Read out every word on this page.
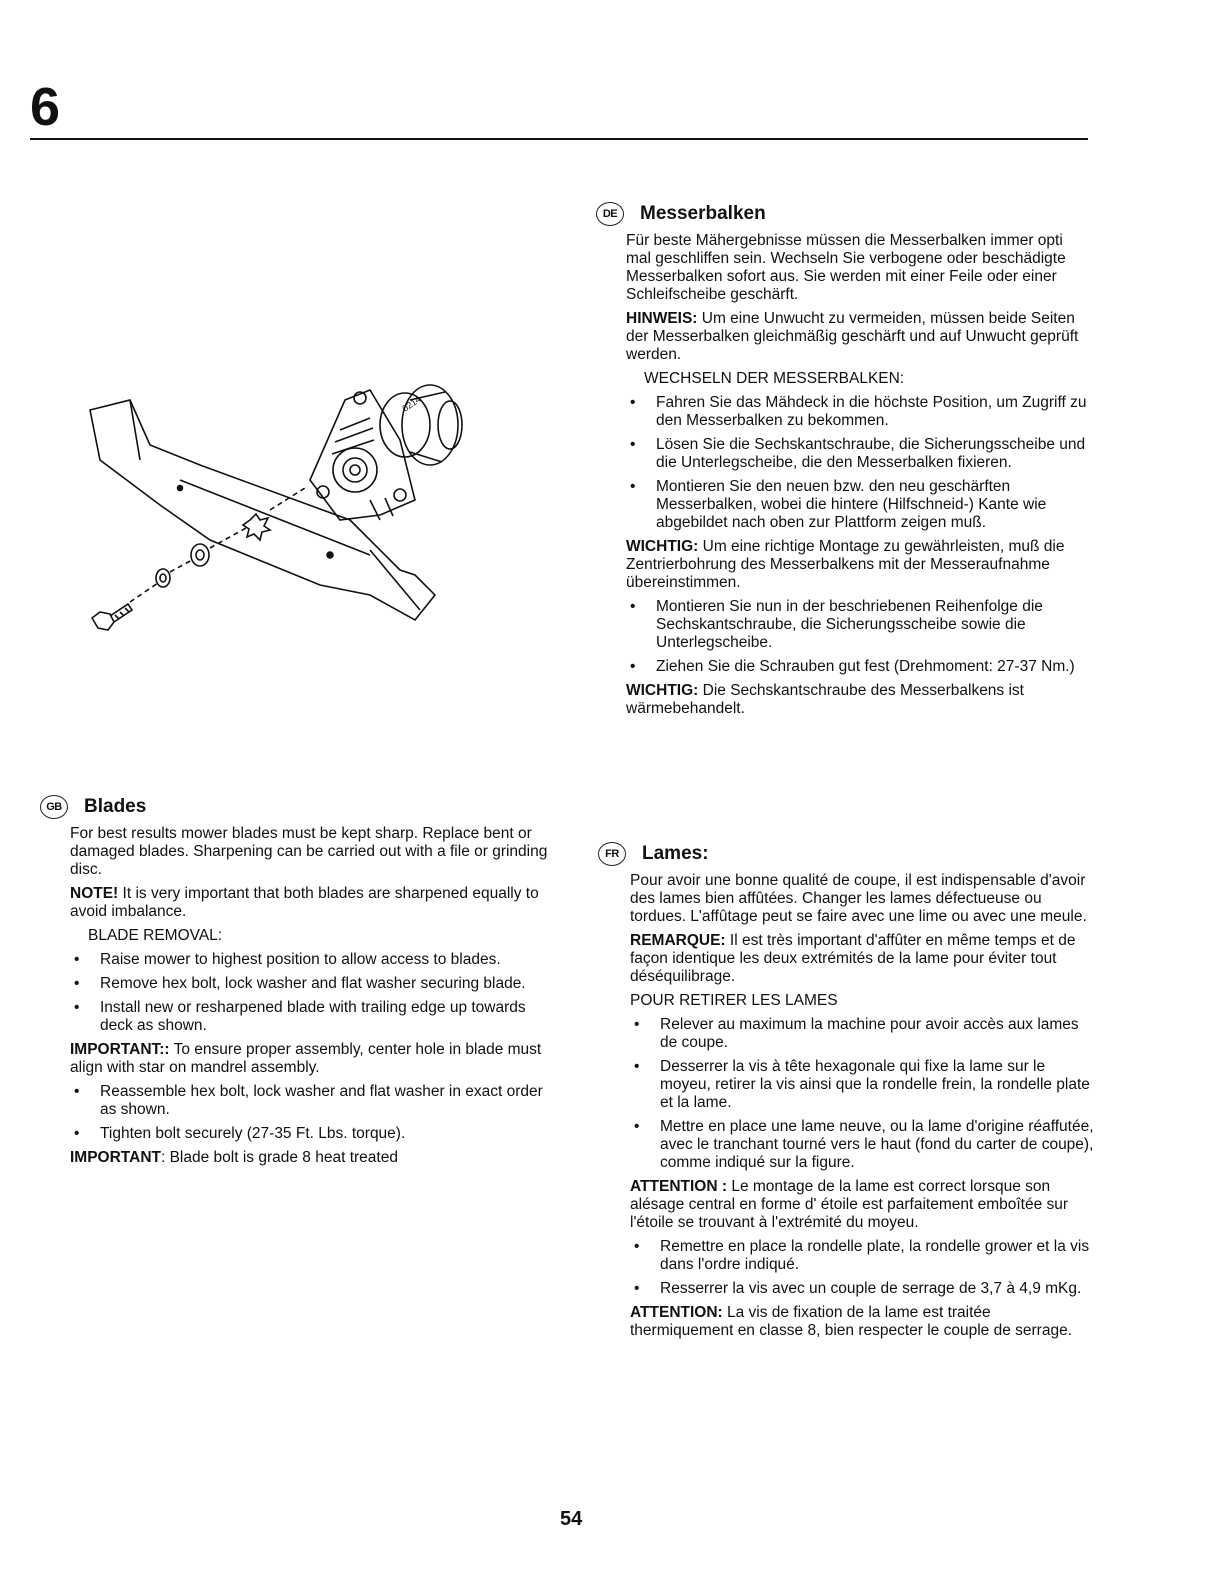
6
0214
DE	Messerbalken

Für beste Mähergebnisse müssen die Messerbalken immer opti mal geschliffen sein. Wechseln Sie verbogene oder beschädigte Messerbalken sofort aus. Sie werden mit einer Feile oder einer Schleifscheibe geschärft.

HINWEIS: Um eine Unwucht zu vermeiden, müssen beide Seiten der Messerbalken gleichmäßig geschärft und auf Unwucht geprüft werden.

WECHSELN DER MESSERBALKEN:
• Fahren Sie das Mähdeck in die höchste Position, um Zugriff zu den Messerbalken zu bekommen.
• Lösen Sie die Sechskantschraube, die Sicherungsscheibe und die Unterlegscheibe, die den Messerbalken fixieren.
• Montieren Sie den neuen bzw. den neu geschärften Messerbalken, wobei die hintere (Hilfschneid-) Kante wie abgebildet nach oben zur Plattform zeigen muß.

WICHTIG: Um eine richtige Montage zu gewährleisten, muß die Zentrierbohrung des Messerbalkens mit der Messeraufnahme übereinstimmen.

• Montieren Sie nun in der beschriebenen Reihenfolge die Sechskantschraube, die Sicherungsscheibe sowie die Unterlegscheibe.
• Ziehen Sie die Schrauben gut fest (Drehmoment: 27-37 Nm.)

WICHTIG: Die Sechskantschraube des Messerbalkens ist wärmebehandelt.

GB	Blades

For best results mower blades must be kept sharp. Replace bent or damaged blades. Sharpening can be carried out with a file or grinding disc.

NOTE! It is very important that both blades are sharpened equally to avoid imbalance.

BLADE REMOVAL:
• Raise mower to highest position to allow access to blades.
• Remove hex bolt, lock washer and flat washer securing blade.
• Install new or resharpened blade with trailing edge up towards deck as shown.

IMPORTANT:: To ensure proper assembly, center hole in blade must align with star on mandrel assembly.

• Reassemble hex bolt, lock washer and flat washer in exact order as shown.
• Tighten bolt securely (27-35 Ft. Lbs. torque).

IMPORTANT: Blade bolt is grade 8 heat treated

FR	Lames:

Pour avoir une bonne qualité de coupe, il est indispensable d'avoir des lames bien affûtées. Changer les lames défectueuse ou tordues. L'affûtage peut se faire avec une lime ou avec une meule.

REMARQUE: Il est très important d'affûter en même temps et de façon identique les deux extrémités de la lame pour éviter tout déséquilibrage.

POUR RETIRER LES LAMES
• Relever au maximum la machine pour avoir accès aux lames de coupe.
• Desserrer la vis à tête hexagonale qui fixe la lame sur le moyeu, retirer la vis ainsi que la rondelle frein, la rondelle plate et la lame.
• Mettre en place une lame neuve, ou la lame d'origine réaffutée, avec le tranchant tourné vers le haut (fond du carter de coupe), comme indiqué sur la figure.

ATTENTION : Le montage de la lame est correct lorsque son alésage central en forme d' étoile est parfaitement emboîtée sur l'étoile se trouvant à l'extrémité du moyeu.

• Remettre en place la rondelle plate, la rondelle grower et la vis dans l'ordre indiqué.
• Resserrer la vis avec un couple de serrage de 3,7 à 4,9 mKg.

ATTENTION: La vis de fixation de la lame est traitée thermiquement en classe 8, bien respecter le couple de serrage.

54
